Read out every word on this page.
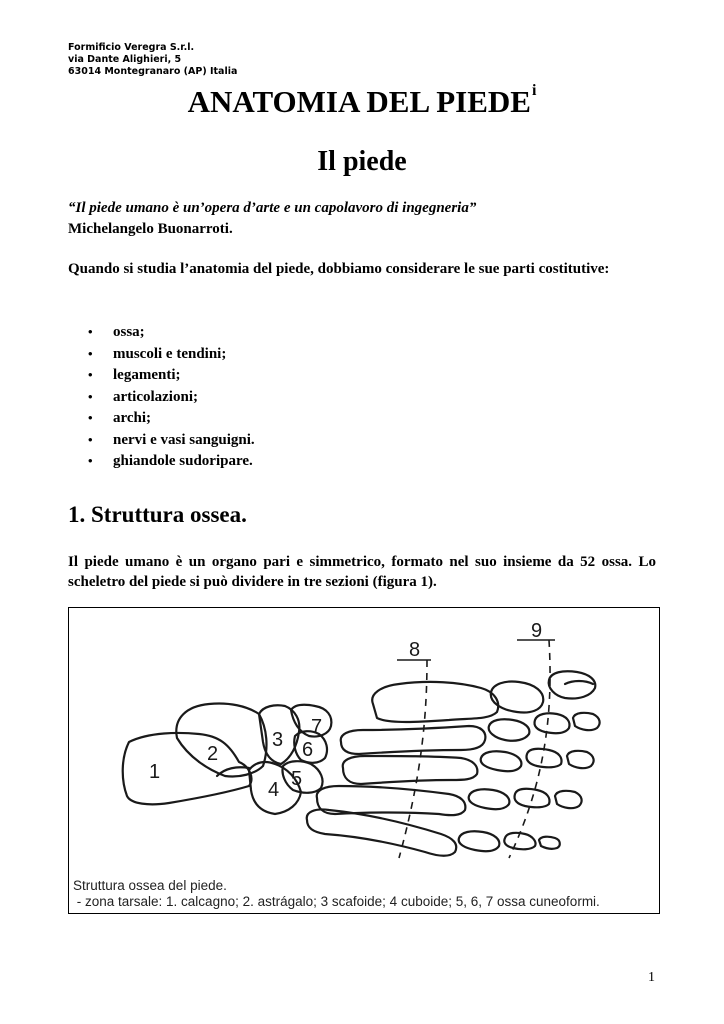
Formificio Veregra S.r.l.
via Dante Alighieri, 5
63014 Montegranaro (AP) Italia
ANATOMIA DEL PIEDE$^i$
Il piede
“Il piede umano è un’opera d’arte e un capolavoro di ingegneria”
Michelangelo Buonarroti.
Quando si studia l’anatomia del piede, dobbiamo considerare le sue parti costitutive:
• ossa;
• muscoli e tendini;
• legamenti;
• articolazioni;
• archi;
• nervi e vasi sanguigni.
• ghiandole sudoripare.
1. Struttura ossea.
Il piede umano è un organo pari e simmetrico, formato nel suo insieme da 52 ossa. Lo scheletro del piede si può dividere in tre sezioni (figura 1).
1
2
3
4 5
6
7
8
9
Struttura ossea del piede.
- zona tarsale: 1. calcagno; 2. astrágalo; 3 scafoide; 4 cuboide; 5, 6, 7 ossa cuneoformi.
1
